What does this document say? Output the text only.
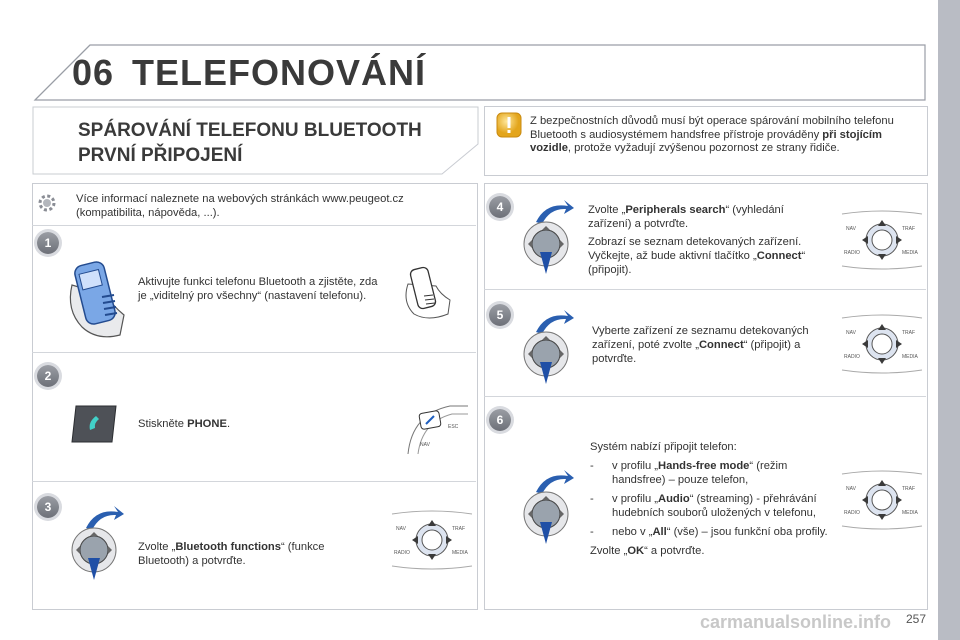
06 TELEFONOVÁNÍ
SPÁROVÁNÍ TELEFONU BLUETOOTH
PRVNÍ PŘIPOJENÍ
Z bezpečnostních důvodů musí být operace spárování mobilního telefonu Bluetooth s audiosystémem handsfree přístroje prováděny při stojícím vozidle, protože vyžadují zvýšenou pozornost ze strany řidiče.
Více informací naleznete na webových stránkách www.peugeot.cz (kompatibilita, nápověda, ...).
1
2
3
4
5
6
Aktivujte funkci telefonu Bluetooth a zjistěte, zda je „viditelný pro všechny“ (nastavení telefonu).
Stiskněte PHONE.	ESC
NAV
Zvolte „Bluetooth functions“ (funkce Bluetooth) a potvrďte.
NAV	TRAF
RADIO	MEDIA
Zvolte „Peripherals search“ (vyhledání zařízení) a potvrďte.
Zobrazí se seznam detekovaných zařízení. Vyčkejte, až bude aktivní tlačítko „Connect“ (připojit).
NAV	TRAF
RADIO	MEDIA
Vyberte zařízení ze seznamu detekovaných zařízení, poté zvolte „Connect“ (připojit) a potvrďte.
NAV	TRAF
RADIO	MEDIA
Systém nabízí připojit telefon:
-	v profilu „Hands-free mode“ (režim handsfree) – pouze telefon,
-	v profilu „Audio“ (streaming) - přehrávání hudebních souborů uložených v telefonu,
-	nebo v „All“ (vše) – jsou funkční oba profily.
Zvolte „OK“ a potvrďte.
NAV	TRAF
RADIO	MEDIA
carmanualsonline.info 257
